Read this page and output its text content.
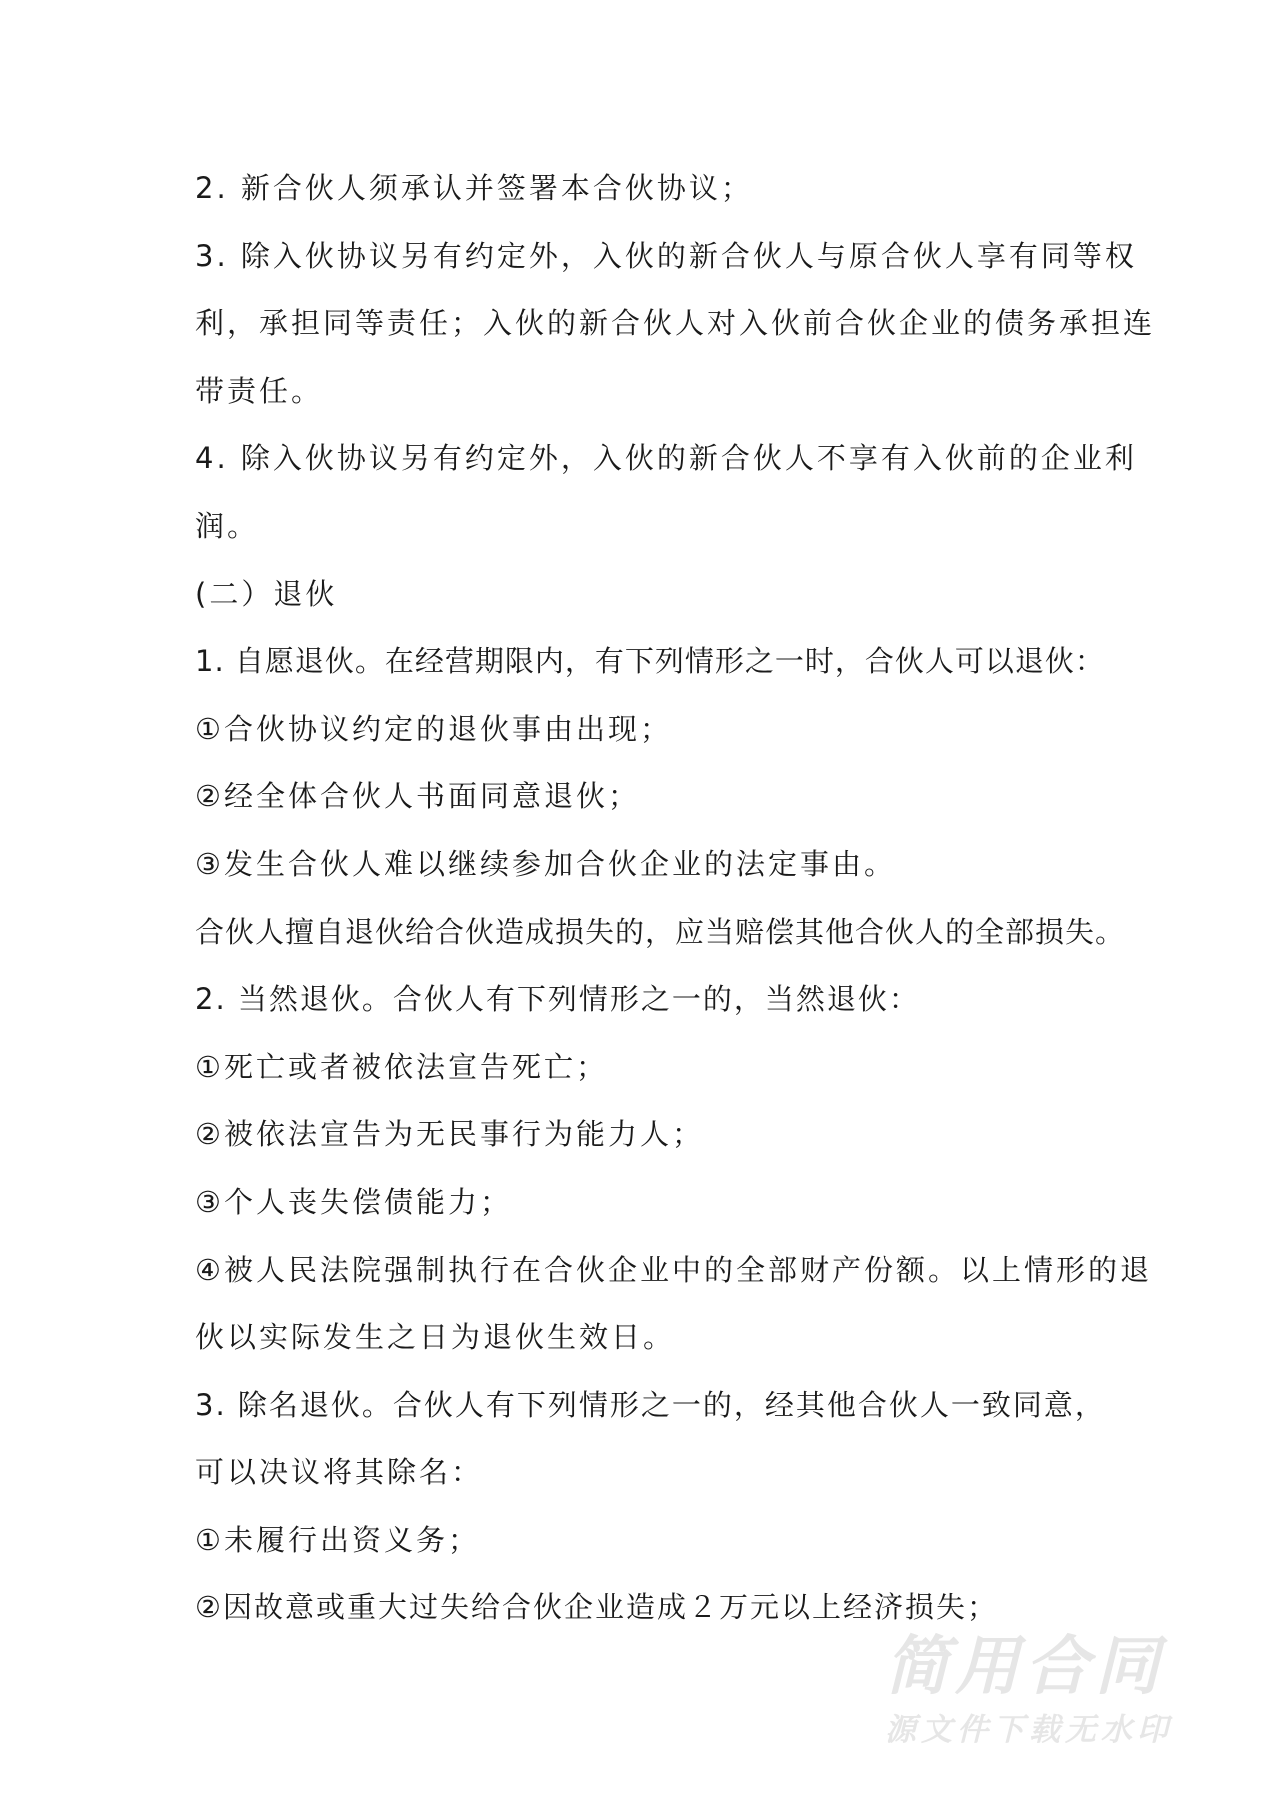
2. 新合伙人须承认并签署本合伙协议；
3. 除入伙协议另有约定外，入伙的新合伙人与原合伙人享有同等权
利，承担同等责任；入伙的新合伙人对入伙前合伙企业的债务承担连
带责任。
4. 除入伙协议另有约定外，入伙的新合伙人不享有入伙前的企业利
润。
(二）退伙
1. 自愿退伙。在经营期限内，有下列情形之一时，合伙人可以退伙：
①合伙协议约定的退伙事由出现；
②经全体合伙人书面同意退伙；
③发生合伙人难以继续参加合伙企业的法定事由。
合伙人擅自退伙给合伙造成损失的，应当赔偿其他合伙人的全部损失。
2. 当然退伙。合伙人有下列情形之一的，当然退伙：
①死亡或者被依法宣告死亡；
②被依法宣告为无民事行为能力人；
③个人丧失偿债能力；
④被人民法院强制执行在合伙企业中的全部财产份额。以上情形的退
伙以实际发生之日为退伙生效日。
3. 除名退伙。合伙人有下列情形之一的，经其他合伙人一致同意，
可以决议将其除名：
①未履行出资义务；
②因故意或重大过失给合伙企业造成２万元以上经济损失；
简用合同
源文件下载无水印
